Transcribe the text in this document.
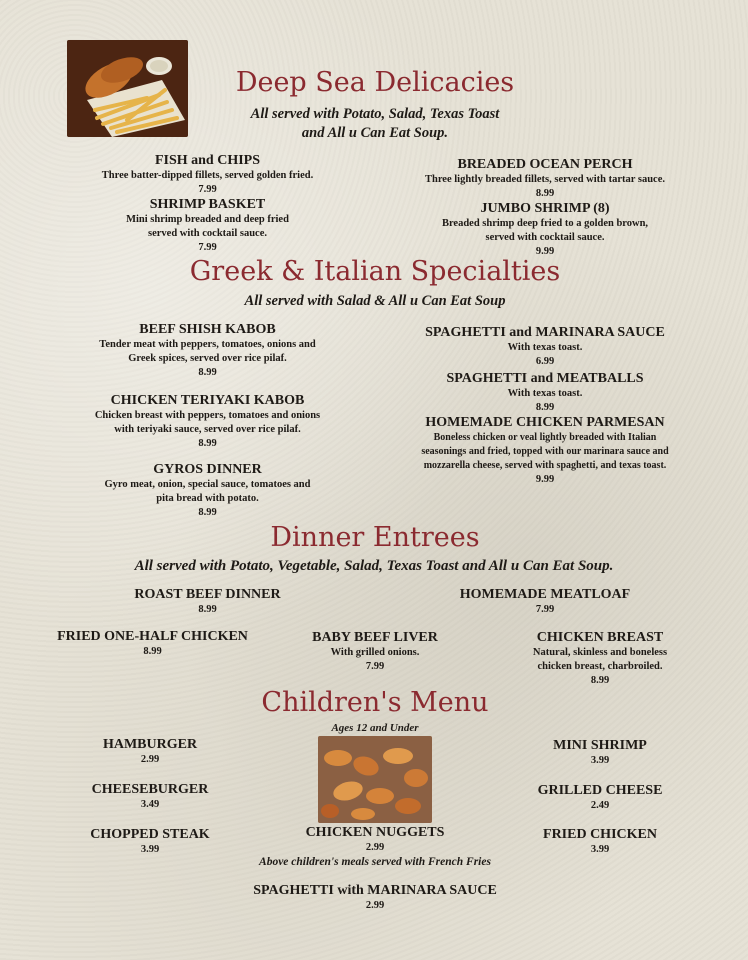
Deep Sea Delicacies
All served with Potato, Salad, Texas Toast
and All u Can Eat Soup.
FISH and CHIPS
Three batter-dipped fillets, served golden fried.
7.99
SHRIMP BASKET
Mini shrimp breaded and deep fried
served with cocktail sauce.
7.99
BREADED OCEAN PERCH
Three lightly breaded fillets, served with tartar sauce.
8.99
JUMBO SHRIMP (8)
Breaded shrimp deep fried to a golden brown,
served with cocktail sauce.
9.99
Greek & Italian Specialties
All served with Salad & All u Can Eat Soup
BEEF SHISH KABOB
Tender meat with peppers, tomatoes, onions and
Greek spices, served over rice pilaf.
8.99
CHICKEN TERIYAKI KABOB
Chicken breast with peppers, tomatoes and onions
with teriyaki sauce, served over rice pilaf.
8.99
GYROS DINNER
Gyro meat, onion, special sauce, tomatoes and
pita bread with potato.
8.99
SPAGHETTI and MARINARA SAUCE
With texas toast.
6.99
SPAGHETTI and MEATBALLS
With texas toast.
8.99
HOMEMADE CHICKEN PARMESAN
Boneless chicken or veal lightly breaded with Italian
seasonings and fried, topped with our marinara sauce and
mozzarella cheese, served with spaghetti, and texas toast.
9.99
Dinner Entrees
All served with Potato, Vegetable, Salad, Texas Toast and All u Can Eat Soup.
ROAST BEEF DINNER
8.99
HOMEMADE MEATLOAF
7.99
FRIED ONE-HALF CHICKEN
8.99
BABY BEEF LIVER
With grilled onions.
7.99
CHICKEN BREAST
Natural, skinless and boneless
chicken breast, charbroiled.
8.99
Children's Menu
Ages 12 and Under
HAMBURGER
2.99
CHEESEBURGER
3.49
CHOPPED STEAK
3.99
CHICKEN NUGGETS
2.99
MINI SHRIMP
3.99
GRILLED CHEESE
2.49
FRIED CHICKEN
3.99
Above children's meals served with French Fries
SPAGHETTI with MARINARA SAUCE
2.99
